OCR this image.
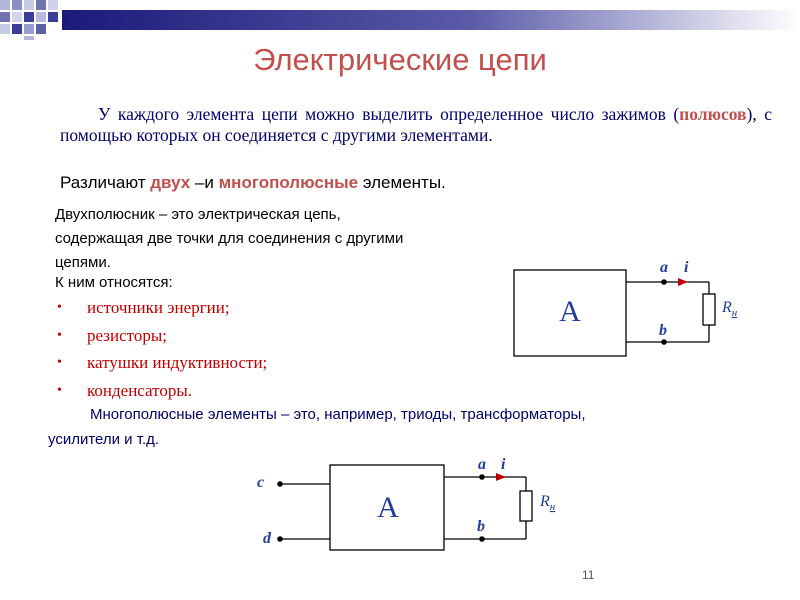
Электрические цепи
У каждого элемента цепи можно выделить определенное число зажимов (полюсов), с помощью которых он соединяется с другими элементами.
Различают двух –и многополюсные элементы.
Двухполюсник – это электрическая цепь,
содержащая две точки для соединения с другими
цепями.
К ним относятся:
• источники энергии;
• резисторы;
• катушки индуктивности;
• конденсаторы.
Многополюсные элементы – это, например, триоды, трансформаторы,
усилители и т.д.
A
a i
b
$R_н$
A
c
d
a i
b
$R_н$
11
